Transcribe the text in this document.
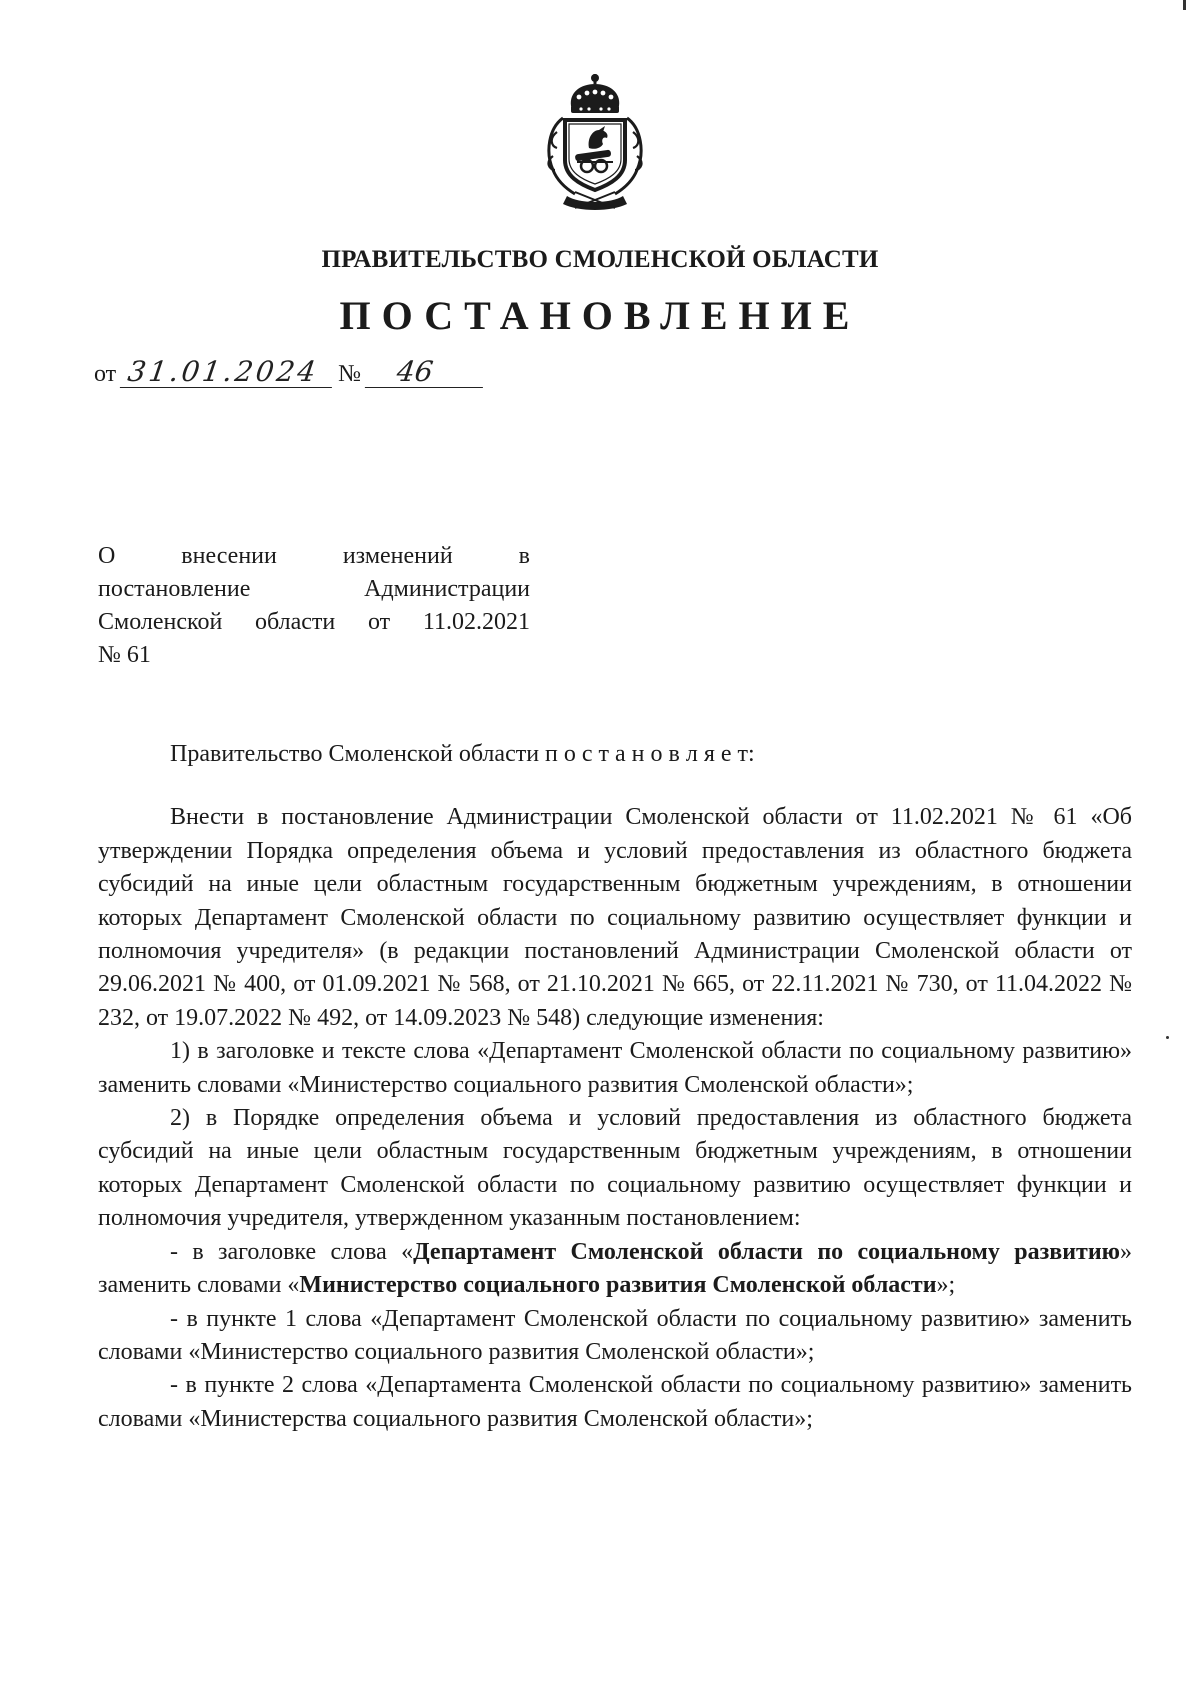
ПРАВИТЕЛЬСТВО СМОЛЕНСКОЙ ОБЛАСТИ
ПОСТАНОВЛЕНИЕ
от 31.01.2024 №	46
О внесении изменений в
постановление Администрации
Смоленской области от 11.02.2021
№ 61

Правительство Смоленской области п о с т а н о в л я е т:

Внести в постановление Администрации Смоленской области от 11.02.2021 № 61 «Об утверждении Порядка определения объема и условий предоставления из областного бюджета субсидий на иные цели областным государственным бюджетным учреждениям, в отношении которых Департамент Смоленской области по социальному развитию осуществляет функции и полномочия учредителя» (в редакции постановлений Администрации Смоленской области от 29.06.2021 № 400, от 01.09.2021 № 568, от 21.10.2021 № 665, от 22.11.2021 № 730, от 11.04.2022 № 232, от 19.07.2022 № 492, от 14.09.2023 № 548) следующие изменения:

1) в заголовке и тексте слова «Департамент Смоленской области по социальному развитию» заменить словами «Министерство социального развития Смоленской области»;

2) в Порядке определения объема и условий предоставления из областного бюджета субсидий на иные цели областным государственным бюджетным учреждениям, в отношении которых Департамент Смоленской области по социальному развитию осуществляет функции и полномочия учредителя, утвержденном указанным постановлением:

- в заголовке слова «Департамент Смоленской области по социальному развитию» заменить словами «Министерство социального развития Смоленской области»;

- в пункте 1 слова «Департамент Смоленской области по социальному развитию» заменить словами «Министерство социального развития Смоленской области»;

- в пункте 2 слова «Департамента Смоленской области по социальному развитию» заменить словами «Министерства социального развития Смоленской области»;
